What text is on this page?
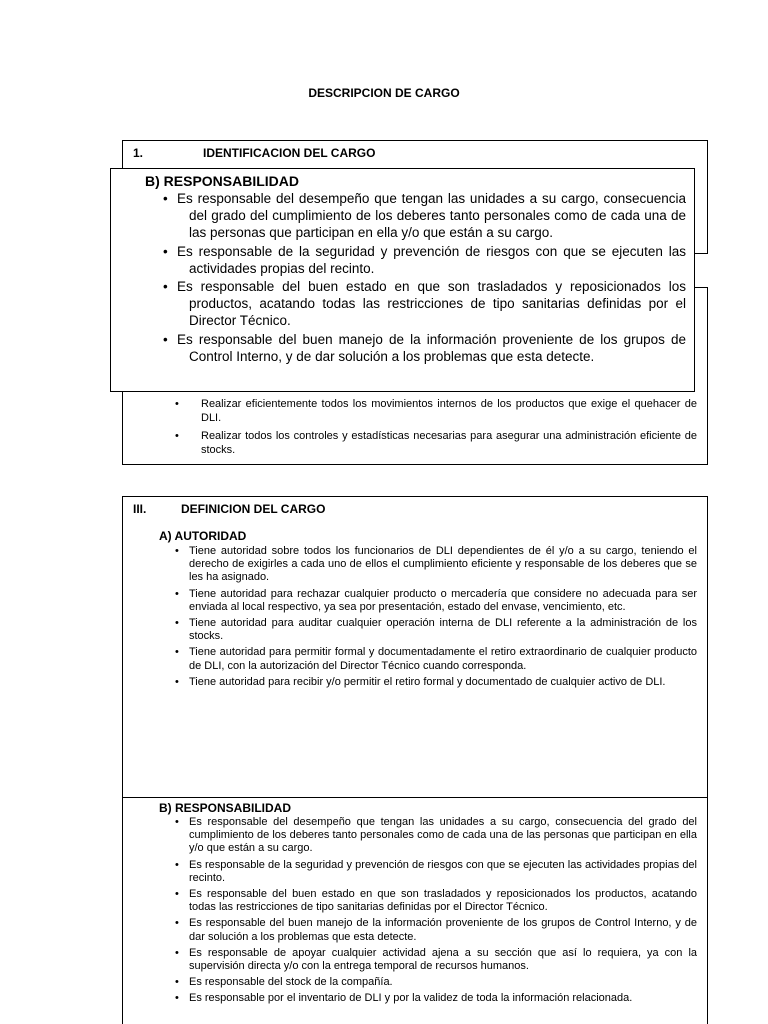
DESCRIPCION DE CARGO
1.	IDENTIFICACION DEL CARGO
• Realizar eficientemente todos los movimientos internos de los productos que exige el quehacer de DLI.
• Realizar todos los controles y estadísticas necesarias para asegurar una administración eficiente de stocks.

B) RESPONSABILIDAD

• Es responsable del desempeño que tengan las unidades a su cargo, consecuencia del grado del cumplimiento de los deberes tanto personales como de cada una de las personas que participan en ella y/o que están a su cargo.
• Es responsable de la seguridad y prevención de riesgos con que se ejecuten las actividades propias del recinto.
• Es responsable del buen estado en que son trasladados y reposicionados los productos, acatando todas las restricciones de tipo sanitarias definidas por el Director Técnico.
• Es responsable del buen manejo de la información proveniente de los grupos de Control Interno, y de dar solución a los problemas que esta detecte.
III.	DEFINICION DEL CARGO

A) AUTORIDAD

• Tiene autoridad sobre todos los funcionarios de DLI dependientes de él y/o a su cargo, teniendo el derecho de exigirles a cada uno de ellos el cumplimiento eficiente y responsable de los deberes que se les ha asignado.
• Tiene autoridad para rechazar cualquier producto o mercadería que considere no adecuada para ser enviada al local respectivo, ya sea por presentación, estado del envase, vencimiento, etc.
• Tiene autoridad para auditar cualquier operación interna de DLI referente a la administración de los stocks.
• Tiene autoridad para permitir formal y documentadamente el retiro extraordinario de cualquier producto de DLI, con la autorización del Director Técnico cuando corresponda.
• Tiene autoridad para recibir y/o permitir el retiro formal y documentado de cualquier activo de DLI.

B) RESPONSABILIDAD

• Es responsable del desempeño que tengan las unidades a su cargo, consecuencia del grado del cumplimiento de los deberes tanto personales como de cada una de las personas que participan en ella y/o que están a su cargo.
• Es responsable de la seguridad y prevención de riesgos con que se ejecuten las actividades propias del recinto.
• Es responsable del buen estado en que son trasladados y reposicionados los productos, acatando todas las restricciones de tipo sanitarias definidas por el Director Técnico.
• Es responsable del buen manejo de la información proveniente de los grupos de Control Interno, y de dar solución a los problemas que esta detecte.
• Es responsable de apoyar cualquier actividad ajena a su sección que así lo requiera, ya con la supervisión directa y/o con la entrega temporal de recursos humanos.
• Es responsable del stock de la compañía.
• Es responsable por el inventario de DLI y por la validez de toda la información relacionada.
